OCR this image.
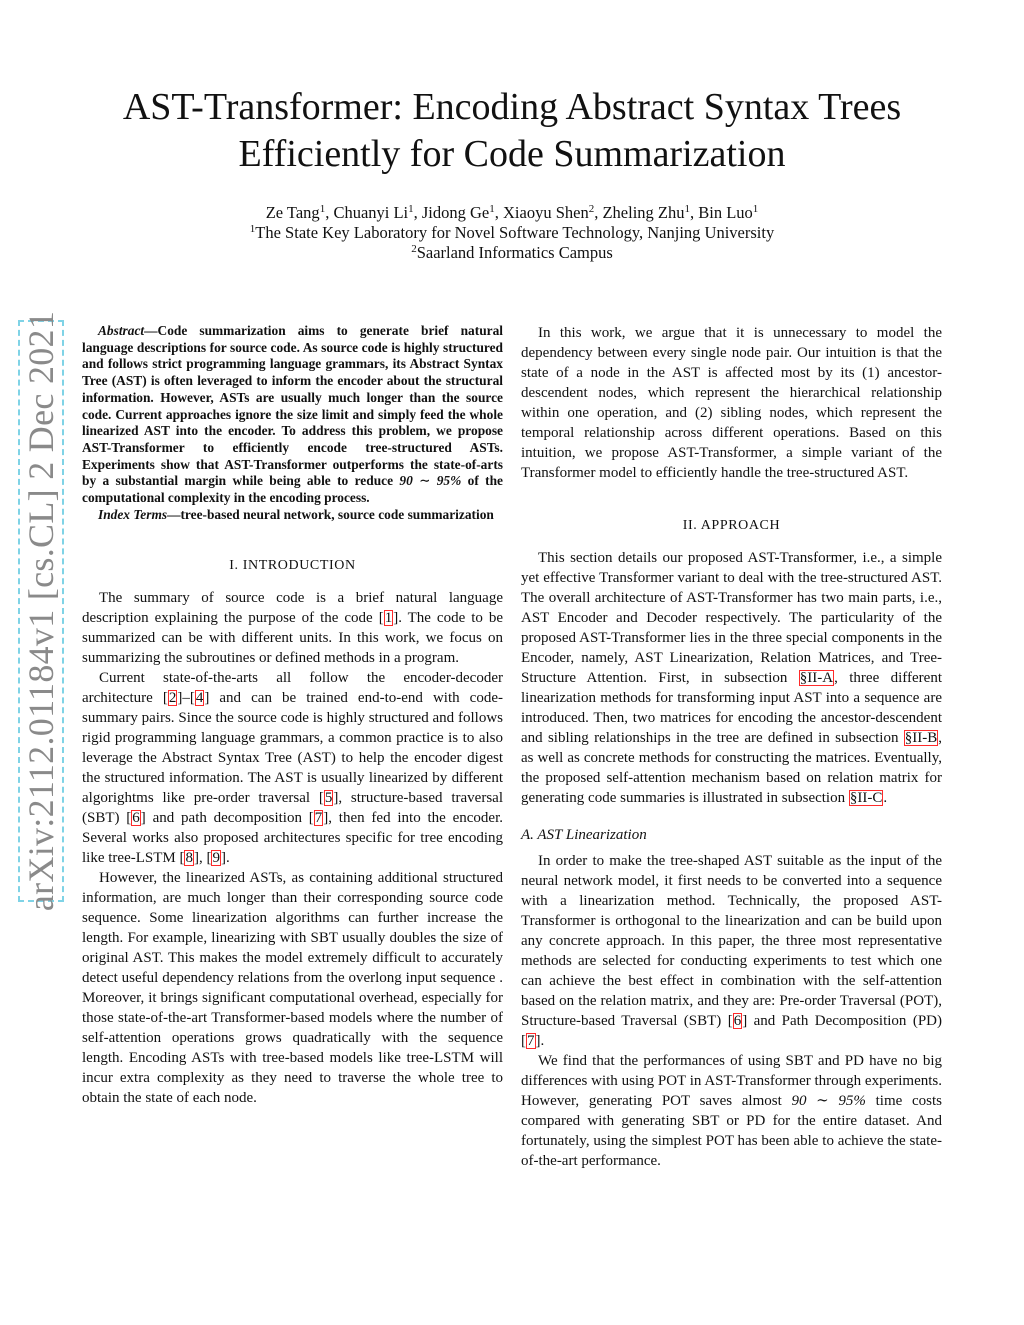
arXiv:2112.01184v1 [cs.CL] 2 Dec 2021
AST-Transformer: Encoding Abstract Syntax Trees
Efficiently for Code Summarization
Ze Tang$^1$, Chuanyi Li$^1$, Jidong Ge$^1$, Xiaoyu Shen$^2$, Zheling Zhu$^1$, Bin Luo$^1$
$^1$The State Key Laboratory for Novel Software Technology, Nanjing University
$^2$Saarland Informatics Campus

Abstract—Code summarization aims to generate brief natural language descriptions for source code. As source code is highly structured and follows strict programming language grammars, its Abstract Syntax Tree (AST) is often leveraged to inform the encoder about the structural information. However, ASTs are usually much longer than the source code. Current approaches ignore the size limit and simply feed the whole linearized AST into the encoder. To address this problem, we propose AST-Transformer to efficiently encode tree-structured ASTs. Experiments show that AST-Transformer outperforms the state-of-arts by a substantial margin while being able to reduce 90 ∼ 95% of the computational complexity in the encoding process.

Index Terms—tree-based neural network, source code summarization

I. INTRODUCTION

The summary of source code is a brief natural language description explaining the purpose of the code [1]. The code to be summarized can be with different units. In this work, we focus on summarizing the subroutines or defined methods in a program.

Current state-of-the-arts all follow the encoder-decoder architecture [2]–[4] and can be trained end-to-end with code-summary pairs. Since the source code is highly structured and follows rigid programming language grammars, a common practice is to also leverage the Abstract Syntax Tree (AST) to help the encoder digest the structured information. The AST is usually linearized by different algorightms like pre-order traversal [5], structure-based traversal (SBT) [6] and path decomposition [7], then fed into the encoder. Several works also proposed architectures specific for tree encoding like tree-LSTM [8], [9].

However, the linearized ASTs, as containing additional structured information, are much longer than their corresponding source code sequence. Some linearization algorithms can further increase the length. For example, linearizing with SBT usually doubles the size of original AST. This makes the model extremely difficult to accurately detect useful dependency relations from the overlong input sequence . Moreover, it brings significant computational overhead, especially for those state-of-the-art Transformer-based models where the number of self-attention operations grows quadratically with the sequence length. Encoding ASTs with tree-based models like tree-LSTM will incur extra complexity as they need to traverse the whole tree to obtain the state of each node.

In this work, we argue that it is unnecessary to model the dependency between every single node pair. Our intuition is that the state of a node in the AST is affected most by its (1) ancestor-descendent nodes, which represent the hierarchical relationship within one operation, and (2) sibling nodes, which represent the temporal relationship across different operations. Based on this intuition, we propose AST-Transformer, a simple variant of the Transformer model to efficiently handle the tree-structured AST.

II. APPROACH

This section details our proposed AST-Transformer, i.e., a simple yet effective Transformer variant to deal with the tree-structured AST. The overall architecture of AST-Transformer has two main parts, i.e., AST Encoder and Decoder respectively. The particularity of the proposed AST-Transformer lies in the three special components in the Encoder, namely, AST Linearization, Relation Matrices, and Tree-Structure Attention. First, in subsection §II-A, three different linearization methods for transforming input AST into a sequence are introduced. Then, two matrices for encoding the ancestor-descendent and sibling relationships in the tree are defined in subsection §II-B, as well as concrete methods for constructing the matrices. Eventually, the proposed self-attention mechanism based on relation matrix for generating code summaries is illustrated in subsection §II-C.

A. AST Linearization

In order to make the tree-shaped AST suitable as the input of the neural network model, it first needs to be converted into a sequence with a linearization method. Technically, the proposed AST-Transformer is orthogonal to the linearization and can be build upon any concrete approach. In this paper, the three most representative methods are selected for conducting experiments to test which one can achieve the best effect in combination with the self-attention based on the relation matrix, and they are: Pre-order Traversal (POT), Structure-based Traversal (SBT) [6] and Path Decomposition (PD) [7].

We find that the performances of using SBT and PD have no big differences with using POT in AST-Transformer through experiments. However, generating POT saves almost 90 ∼ 95% time costs compared with generating SBT or PD for the entire dataset. And fortunately, using the simplest POT has been able to achieve the state-of-the-art performance.
